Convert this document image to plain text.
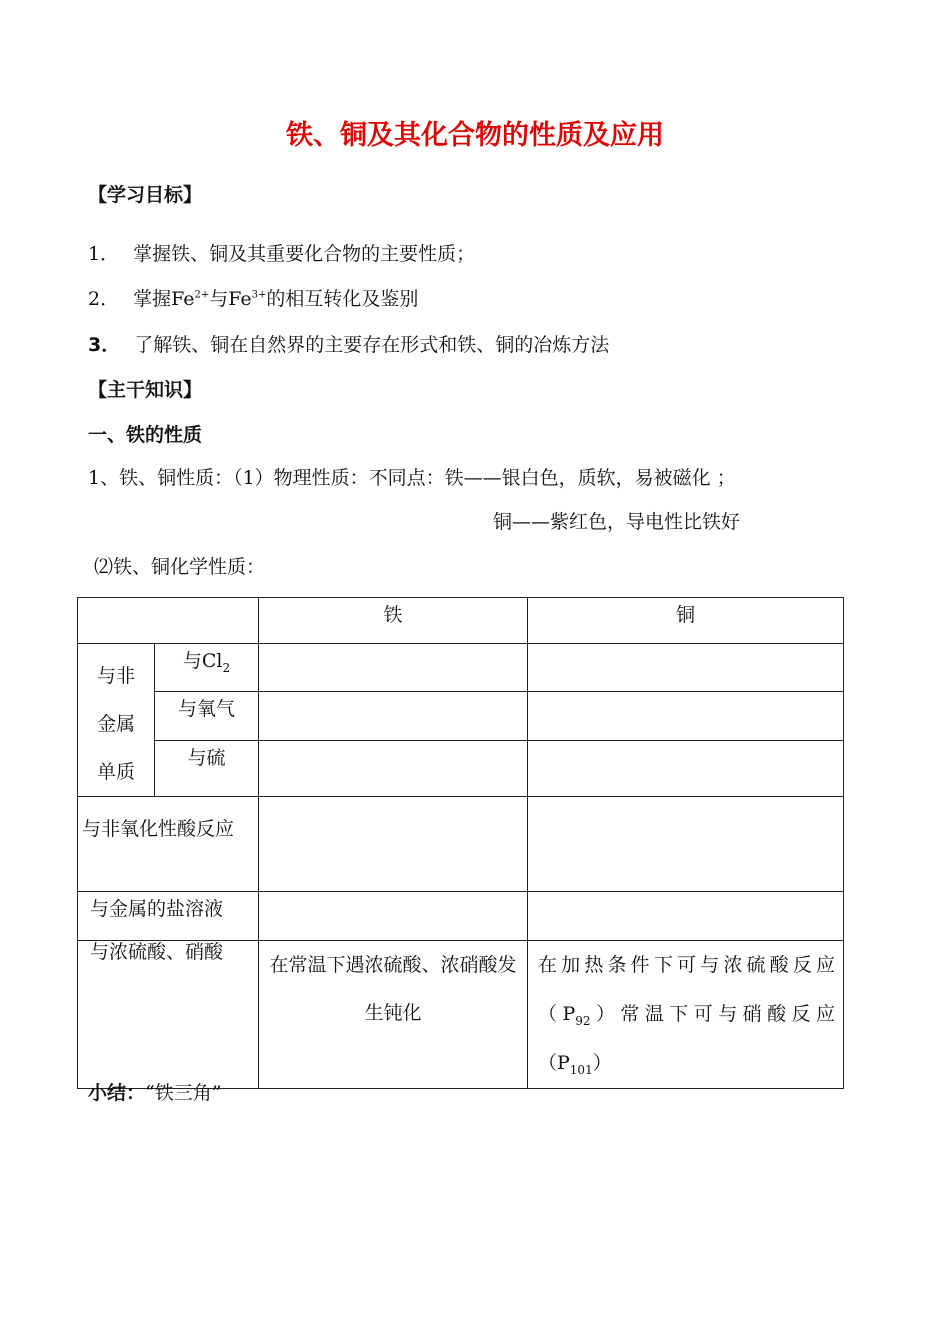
铁、铜及其化合物的性质及应用
【学习目标】
1． 掌握铁、铜及其重要化合物的主要性质；
2． 掌握$Fe^{2+}$与$Fe^{3+}$的相互转化及鉴别
3． 了解铁、铜在自然界的主要存在形式和铁、铜的冶炼方法
【主干知识】
一、铁的性质
1、铁、铜性质：（1）物理性质：不同点：铁——银白色，质软，易被磁化 ；
铜——紫红色，导电性比铁好
⑵铁、铜化学性质：
		铁	铜

与非
金属
单质	与$Cl_2$		
	与氧气		
	与硫		
与非氧化性酸反应			
与金属的盐溶液			
与浓硫酸、硝酸		在常温下遇浓硫酸、浓硝酸发生钝化	在加热条件下可与浓硫酸反应$(P_{92})$常温下可与硝酸反应$(P_{101})$
小结：“铁三角”
